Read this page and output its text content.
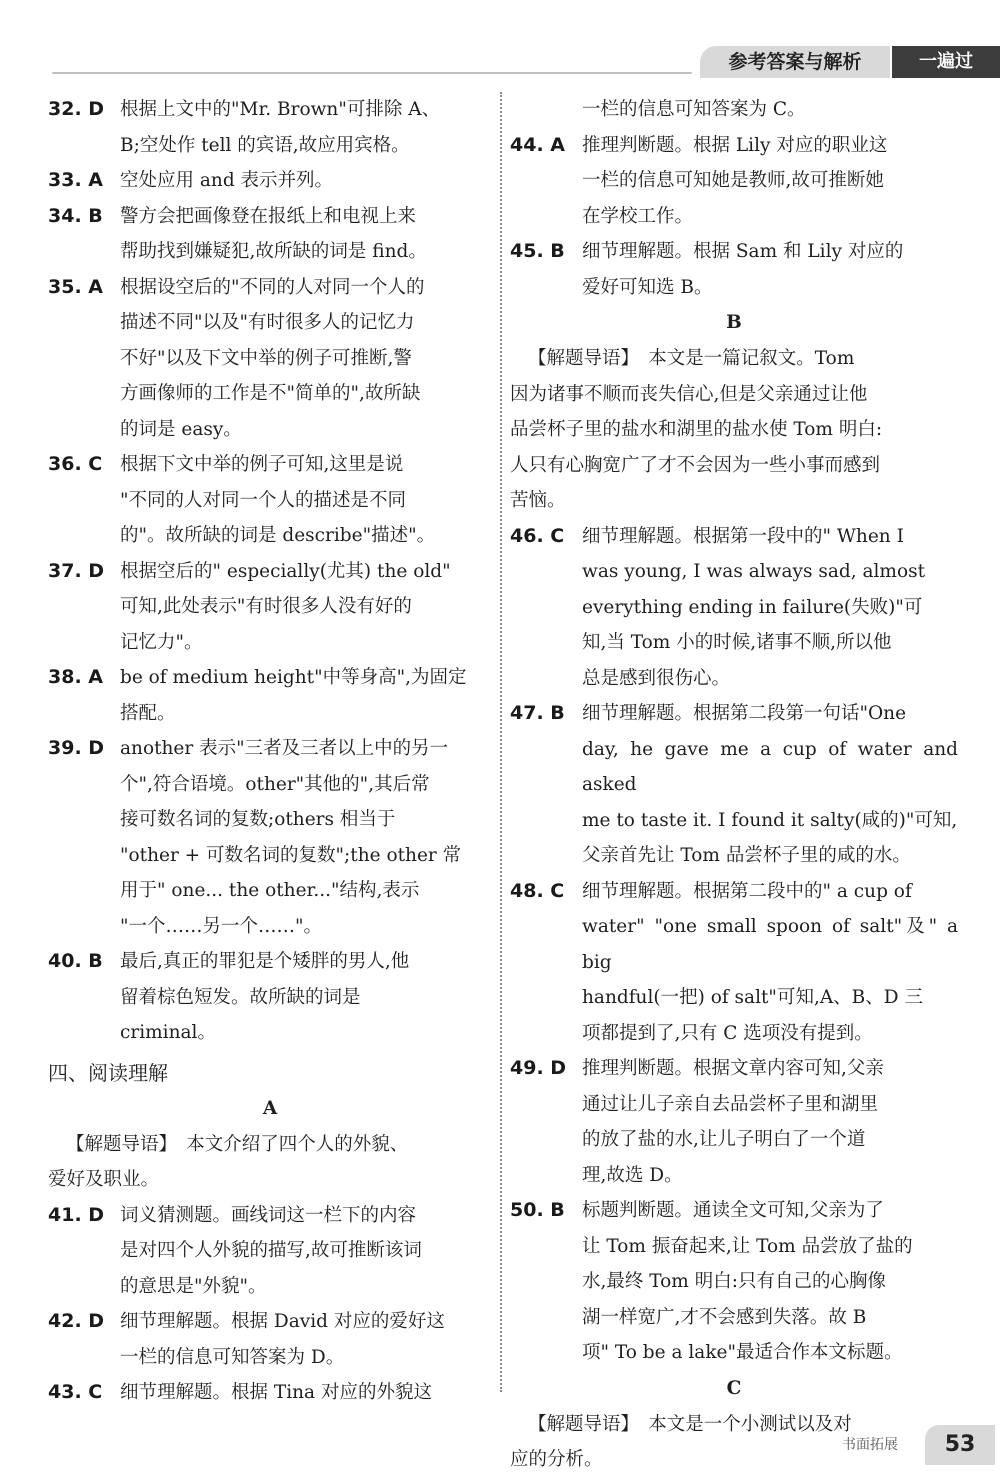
参考答案与解析	一遍过
32. D 根据上文中的"Mr. Brown"可排除 A、
B;空处作 tell 的宾语,故应用宾格。
33. A 空处应用 and 表示并列。
34. B 警方会把画像登在报纸上和电视上来
帮助找到嫌疑犯,故所缺的词是 find。
35. A 根据设空后的"不同的人对同一个人的
描述不同"以及"有时很多人的记忆力
不好"以及下文中举的例子可推断,警
方画像师的工作是不"简单的",故所缺
的词是 easy。
36. C 根据下文中举的例子可知,这里是说
"不同的人对同一个人的描述是不同
的"。故所缺的词是 describe"描述"。
37. D 根据空后的" especially(尤其) the old"
可知,此处表示"有时很多人没有好的
记忆力"。
38. A be of medium height"中等身高",为固定
搭配。
39. D another 表示"三者及三者以上中的另一
个",符合语境。other"其他的",其后常
接可数名词的复数;others 相当于
"other + 可数名词的复数";the other 常
用于" one... the other..."结构,表示
"一个……另一个……"。
40. B 最后,真正的罪犯是个矮胖的男人,他
留着棕色短发。故所缺的词是
criminal。
四、阅读理解
A
【解题导语】　 本文介绍了四个人的外貌、
爱好及职业。
41. D 词义猜测题。画线词这一栏下的内容
是对四个人外貌的描写,故可推断该词
的意思是"外貌"。
42. D 细节理解题。根据 David 对应的爱好这
一栏的信息可知答案为 D。
43. C 细节理解题。根据 Tina 对应的外貌这
一栏的信息可知答案为 C。
44. A 推理判断题。根据 Lily 对应的职业这
一栏的信息可知她是教师,故可推断她
在学校工作。
45. B 细节理解题。根据 Sam 和 Lily 对应的
爱好可知选 B。
B
【解题导语】　 本文是一篇记叙文。Tom
因为诸事不顺而丧失信心,但是父亲通过让他
品尝杯子里的盐水和湖里的盐水使 Tom 明白:
人只有心胸宽广了才不会因为一些小事而感到
苦恼。
46. C 细节理解题。根据第一段中的" When I
was young, I was always sad, almost
everything ending in failure(失败)"可
知,当 Tom 小的时候,诸事不顺,所以他
总是感到很伤心。
47. B 细节理解题。根据第二段第一句话"One
day, he gave me a cup of water and asked
me to taste it. I found it salty(咸的)"可知,
父亲首先让 Tom 品尝杯子里的咸的水。
48. C 细节理解题。根据第二段中的" a cup of
water" "one small spoon of salt"及" a big
handful(一把) of salt"可知,A、B、D 三
项都提到了,只有 C 选项没有提到。
49. D 推理判断题。根据文章内容可知,父亲
通过让儿子亲自去品尝杯子里和湖里
的放了盐的水,让儿子明白了一个道
理,故选 D。
50. B 标题判断题。通读全文可知,父亲为了
让 Tom 振奋起来,让 Tom 品尝放了盐的
水,最终 Tom 明白:只有自己的心胸像
湖一样宽广,才不会感到失落。故 B
项" To be a lake"最适合作本文标题。
C
【解题导语】　 本文是一个小测试以及对
应的分析。
书面拓展	53
